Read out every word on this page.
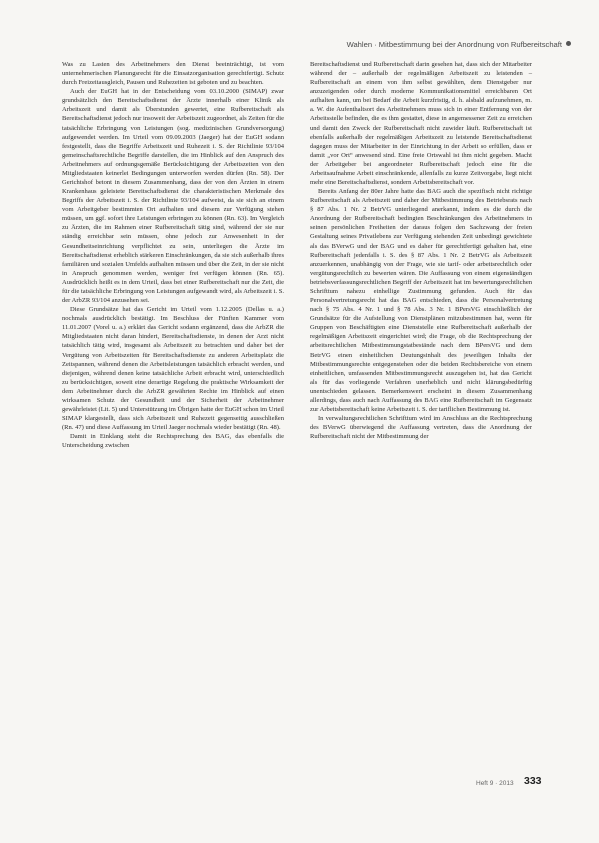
Wahlen · Mitbestimmung bei der Anordnung von Rufbereitschaft

Was zu Lasten des Arbeitnehmers den Dienst beeinträchtigt, ist vom unternehmerischen Planungsrecht für die Einsatzorganisation gerechtfertigt. Schutz durch Freizeitausgleich, Pausen und Ruhezeiten ist geboten und zu beachten.

Auch der EuGH hat in der Entscheidung vom 03.10.2000 (SIMAP) zwar grundsätzlich den Bereitschaftsdienst der Ärzte innerhalb einer Klinik als Arbeitszeit und damit als Überstunden gewertet, eine Rufbereitschaft als Bereitschaftsdienst jedoch nur insoweit der Arbeitszeit zugeordnet, als Zeiten für die tatsächliche Erbringung von Leistungen (sog. medizinischen Grundversorgung) aufgewendet werden. Im Urteil vom 09.09.2003 (Jaeger) hat der EuGH sodann festgestellt, dass die Begriffe Arbeitszeit und Ruhezeit i. S. der Richtlinie 93/104 gemeinschaftsrechtliche Begriffe darstellen, die im Hinblick auf den Anspruch des Arbeitnehmers auf ordnungsgemäße Berücksichtigung der Arbeitszeiten von den Mitgliedstaaten keinerlei Bedingungen unterworfen werden dürfen (Rn. 58). Der Gerichtshof betont in diesem Zusammenhang, dass der von den Ärzten in einem Krankenhaus geleistete Bereitschaftsdienst die charakteristischen Merkmale des Begriffs der Arbeitszeit i. S. der Richtlinie 93/104 aufweist, da sie sich an einem vom Arbeitgeber bestimmten Ort aufhalten und diesem zur Verfügung stehen müssen, um ggf. sofort ihre Leistungen erbringen zu können (Rn. 63). Im Vergleich zu Ärzten, die im Rahmen einer Rufbereitschaft tätig sind, während der sie nur ständig erreichbar sein müssen, ohne jedoch zur Anwesenheit in der Gesundheitseinrichtung verpflichtet zu sein, unterliegen die Ärzte im Bereitschaftsdienst erheblich stärkeren Einschränkungen, da sie sich außerhalb ihres familiären und sozialen Umfelds aufhalten müssen und über die Zeit, in der sie nicht in Anspruch genommen werden, weniger frei verfügen können (Rn. 65). Ausdrücklich heißt es in dem Urteil, dass bei einer Rufbereitschaft nur die Zeit, die für die tatsächliche Erbringung von Leistungen aufgewandt wird, als Arbeitszeit i. S. der ArbZR 93/104 anzusehen sei.

Diese Grundsätze hat das Gericht im Urteil vom 1.12.2005 (Dellas u. a.) nochmals ausdrücklich bestätigt. Im Beschluss der Fünften Kammer vom 11.01.2007 (Vorel u. a.) erklärt das Gericht sodann ergänzend, dass die ArbZR die Mitgliedstaaten nicht daran hindert, Bereitschaftsdienste, in denen der Arzt nicht tatsächlich tätig wird, insgesamt als Arbeitszeit zu betrachten und daher bei der Vergütung von Arbeitszeiten für Bereitschaftsdienste zu anderen Arbeitsplatz die Zeitspannen, während denen die Arbeitsleistungen tatsächlich erbracht werden, und diejenigen, während denen keine tatsächliche Arbeit erbracht wird, unterschiedlich zu berücksichtigen, soweit eine derartige Regelung die praktische Wirksamkeit der dem Arbeitnehmer durch die ArbZR gewährten Rechte im Hinblick auf einen wirksamen Schutz der Gesundheit und der Sicherheit der Arbeitnehmer gewährleistet (Lit. 5) und Unterstützung im Übrigen hatte der EuGH schon im Urteil SIMAP klargestellt, dass sich Arbeitszeit und Ruhezeit gegenseitig ausschließen (Rn. 47) und diese Auffassung im Urteil Jaeger nochmals wieder bestätigt (Rn. 48).

Damit in Einklang steht die Rechtsprechung des BAG, das ebenfalls die Unterscheidung zwischen

Bereitschaftsdienst und Rufbereitschaft darin gesehen hat, dass sich der Mitarbeiter während der – außerhalb der regelmäßigen Arbeitszeit zu leistenden – Rufbereitschaft an einem von ihm selbst gewählten, dem Dienstgeber nur anzuzeigenden oder durch moderne Kommunikationsmittel erreichbaren Ort aufhalten kann, um bei Bedarf die Arbeit kurzfristig, d. h. alsbald aufzunehmen, m. a. W. die Aufenthaltsort des Arbeitnehmers muss sich in einer Entfernung von der Arbeitsstelle befinden, die es ihm gestattet, diese in angemessener Zeit zu erreichen und damit den Zweck der Rufbereitschaft nicht zuwider läuft. Rufbereitschaft ist ebenfalls außerhalb der regelmäßigen Arbeitszeit zu leistende Bereitschaftsdienst dagegen muss der Mitarbeiter in der Einrichtung in der Arbeit so erfüllen, dass er damit „vor Ort“ anwesend sind. Eine freie Ortswahl ist ihm nicht gegeben. Macht der Arbeitgeber bei angeordneter Rufbereitschaft jedoch eine für die Arbeitsaufnahme Arbeit einschränkende, allenfalls zu kurze Zeitvorgabe, liegt nicht mehr eine Bereitschaftsdienst, sondern Arbeitsbereitschaft vor.

Bereits Anfang der 80er Jahre hatte das BAG auch die spezifisch nicht richtige Rufbereitschaft als Arbeitszeit und daher der Mitbestimmung des Betriebsrats nach § 87 Abs. 1 Nr. 2 BetrVG unterliegend anerkannt, indem es die durch die Anordnung der Rufbereitschaft bedingten Beschränkungen des Arbeitnehmers in seinen persönlichen Freiheiten der daraus folgen den Sachzwang der freien Gestaltung seines Privatlebens zur Verfügung stehenden Zeit unbedingt gewichtete als das BVerwG und der BAG und es daher für gerechtfertigt gehalten hat, eine Rufbereitschaft jedenfalls i. S. des § 87 Abs. 1 Nr. 2 BetrVG als Arbeitszeit anzuerkennen, unabhängig von der Frage, wie sie tarif- oder arbeitsrechtlich oder vergütungsrechtlich zu bewerten wären. Die Auffassung von einem eigenständigen betriebsverfassungsrechtlichen Begriff der Arbeitszeit hat im bewertungsrechtlichen Schrifttum nahezu einhellige Zustimmung gefunden. Auch für das Personalvertretungsrecht hat das BAG entschieden, dass die Personalvertretung nach § 75 Abs. 4 Nr. 1 und § 78 Abs. 3 Nr. 1 BPersVG einschließlich der Grundsätze für die Aufstellung von Dienstplänen mitzubestimmen hat, wenn für Gruppen von Beschäftigten eine Dienststelle eine Rufbereitschaft außerhalb der regelmäßigen Arbeitszeit eingerichtet wird; die Frage, ob die Rechtsprechung der arbeitsrechtlichen Mitbestimmungstatbestände nach dem BPersVG und dem BetrVG einen einheitlichen Deutungsinhalt des jeweiligen Inhalts der Mitbestimmungsrechte entgegenstehen oder die beiden Rechtsbereiche von einem einheitlichen, umfassenden Mitbestimmungsrecht auszugehen ist, hat das Gericht als für das vorliegende Verfahren unerheblich und nicht klärungsbedürftig unentschieden gelassen. Bemerkenswert erscheint in diesem Zusammenhang allerdings, dass auch nach Auffassung des BAG eine Rufbereitschaft im Gegensatz zur Arbeitsbereitschaft keine Arbeitszeit i. S. der tariflichen Bestimmung ist.

In verwaltungsrechtlichen Schrifttum wird im Anschluss an die Rechtsprechung des BVerwG überwiegend die Auffassung vertreten, dass die Anordnung der Rufbereitschaft nicht der Mitbestimmung der

Heft 9 · 2013 333
